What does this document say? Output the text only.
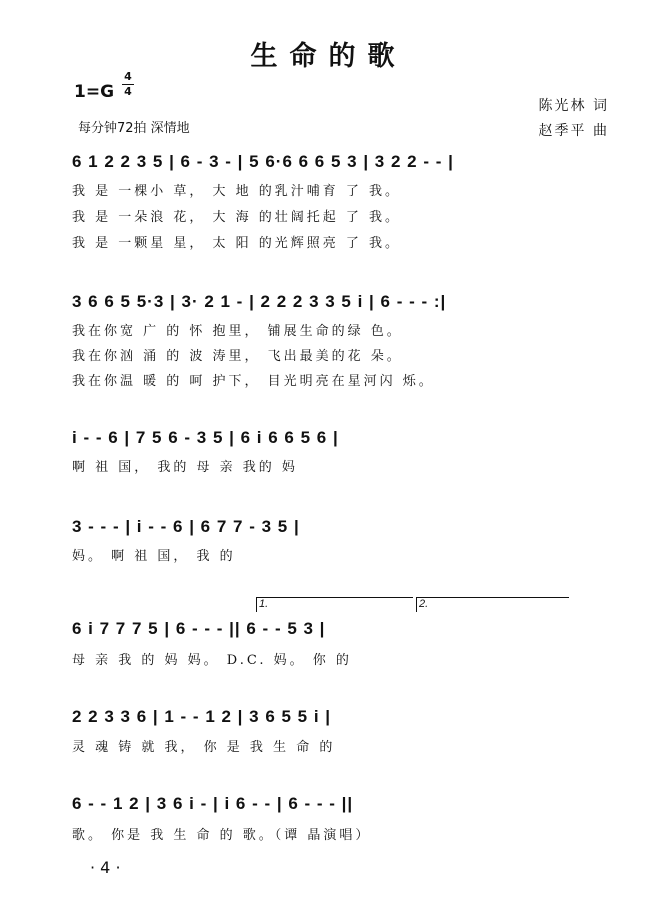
生命的歌
1=G
4
4
陈光林 词
赵季平 曲
每分钟72拍 深情地
6 1 2 2 3 5 | 6 - 3 - | 5 6·6 6 6 5 3 | 3 2 2 - - |
我 是 一棵小 草， 大 地 的乳汁哺育 了 我。
我 是 一朵浪 花， 大 海 的壮阔托起 了 我。
我 是 一颗星 星， 太 阳 的光辉照亮 了 我。
3 6 6 5 5·3 | 3· 2 1 - | 2 2 2 3 3 5 i | 6 - - - :|
我在你宽 广 的 怀 抱里， 铺展生命的绿 色。
我在你汹 涌 的 波 涛里， 飞出最美的花 朵。
我在你温 暖 的 呵 护下， 目光明亮在星河闪 烁。
i - - 6 | 7 5 6 - 3 5 | 6 i 6 6 5 6 |
啊 祖 国， 我的 母 亲 我的 妈
3 - - - | i - - 6 | 6 7 7 - 3 5 |
妈。 啊 祖 国， 我 的
1.	2.
6 i 7 7 7 5 | 6 - - - || 6 - - 5 3 |
母 亲 我 的 妈 妈。 D.C. 妈。 你 的
2 2 3 3 6 | 1 - - 1 2 | 3 6 5 5 i |
灵 魂 铸 就 我， 你 是 我 生 命 的
6 - - 1 2 | 3 6 i - | i 6 - - | 6 - - - ||
歌。 你是 我 生 命 的 歌。（谭 晶演唱）
· 4 ·
